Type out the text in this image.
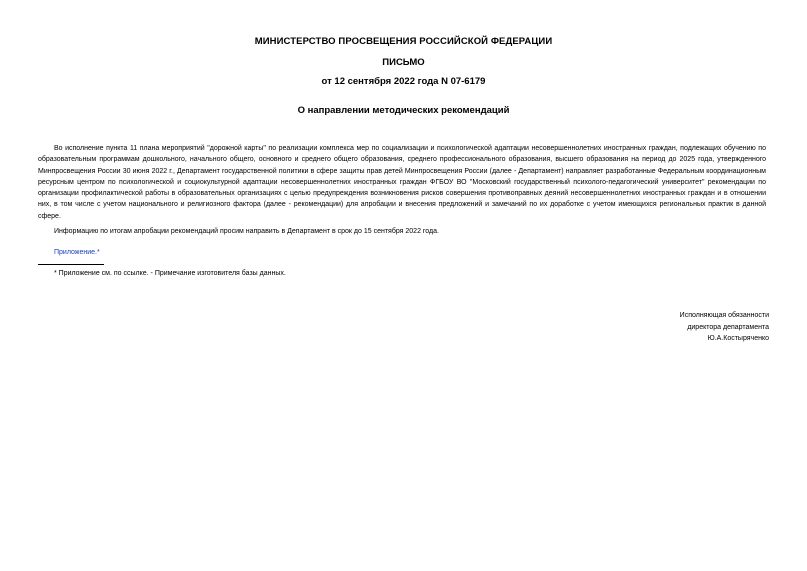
МИНИСТЕРСТВО ПРОСВЕЩЕНИЯ РОССИЙСКОЙ ФЕДЕРАЦИИ
ПИСЬМО
от 12 сентября 2022 года N 07-6179
О направлении методических рекомендаций

Во исполнение пункта 11 плана мероприятий "дорожной карты" по реализации комплекса мер по социализации и психологической адаптации несовершеннолетних иностранных граждан, подлежащих обучению по образовательным программам дошкольного, начального общего, основного и среднего общего образования, среднего профессионального образования, высшего образования на период до 2025 года, утвержденного Минпросвещения России 30 июня 2022 г., Департамент государственной политики в сфере защиты прав детей Минпросвещения России (далее - Департамент) направляет разработанные Федеральным координационным ресурсным центром по психологической и социокультурной адаптации несовершеннолетних иностранных граждан ФГБОУ ВО "Московский государственный психолого-педагогический университет" рекомендации по организации профилактической работы в образовательных организациях с целью предупреждения возникновения рисков совершения противоправных деяний несовершеннолетних иностранных граждан и в отношении них, в том числе с учетом национального и религиозного фактора (далее - рекомендации) для апробации и внесения предложений и замечаний по их доработке с учетом имеющихся региональных практик в данной сфере.

Информацию по итогам апробации рекомендаций просим направить в Департамент в срок до 15 сентября 2022 года.

Приложение.*
* Приложение см. по ссылке. - Примечание изготовителя базы данных.
Исполняющая обязанности
директора департамента
Ю.А.Костыряченко
